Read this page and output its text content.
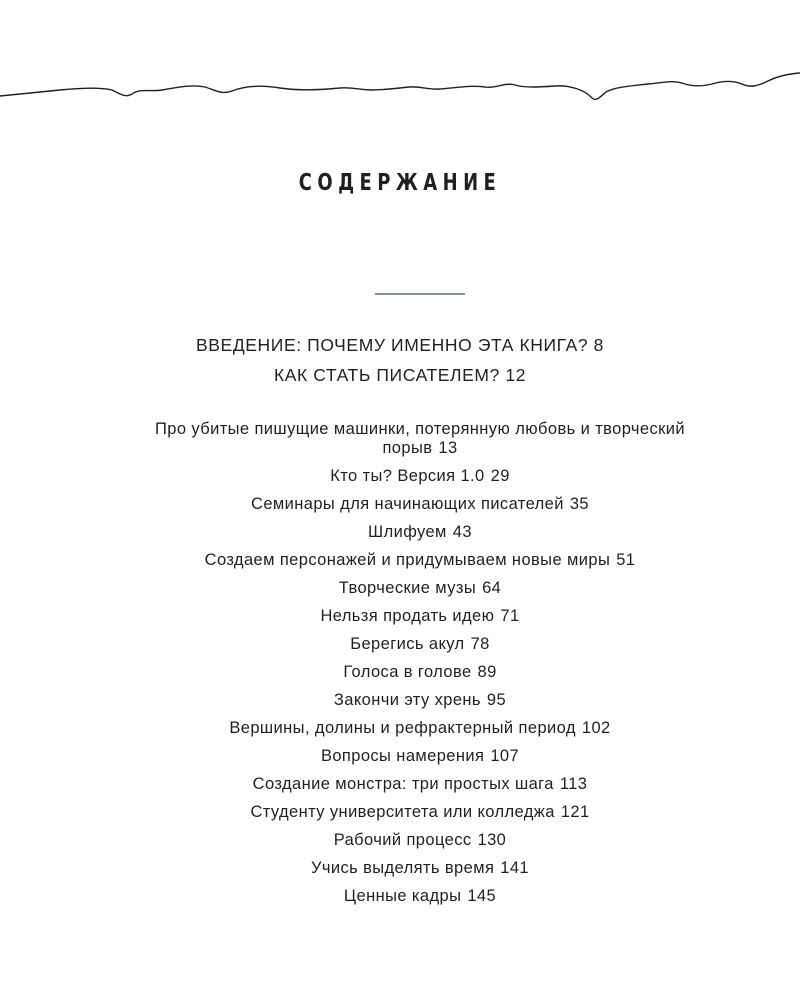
СОДЕРЖАНИЕ
ВВЕДЕНИЕ: ПОЧЕМУ ИМЕННО ЭТА КНИГА? 8
КАК СТАТЬ ПИСАТЕЛЕМ? 12
Про убитые пишущие машинки, потерянную любовь и творческий порыв 13
Кто ты? Версия 1.0 29
Семинары для начинающих писателей 35
Шлифуем 43
Создаем персонажей и придумываем новые миры 51
Творческие музы 64
Нельзя продать идею 71
Берегись акул 78
Голоса в голове 89
Закончи эту хрень 95
Вершины, долины и рефрактерный период 102
Вопросы намерения 107
Создание монстра: три простых шага 113
Студенту университета или колледжа 121
Рабочий процесс 130
Учись выделять время 141
Ценные кадры 145
